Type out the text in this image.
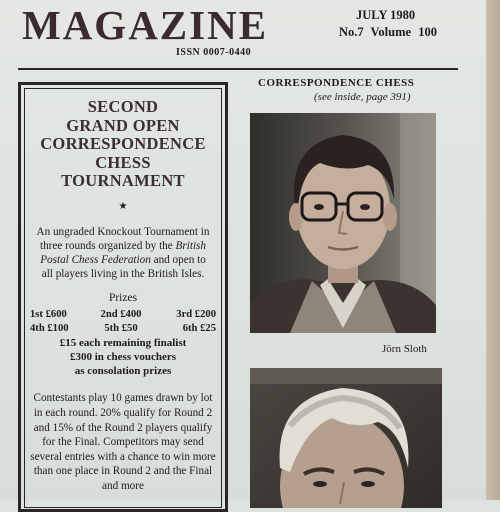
MAGAZINE
ISSN 0007-0440
JULY 1980
No.7 Volume 100
SECOND
GRAND OPEN
CORRESPONDENCE
CHESS
TOURNAMENT
★
An ungraded Knockout Tournament in three rounds organized by the British Postal Chess Federation and open to all players living in the British Isles.
Prizes
1st £600	2nd £400	3rd £200
4th £100	5th £50	6th £25
£15 each remaining finalist
£300 in chess vouchers
as consolation prizes
Contestants play 10 games drawn by lot in each round. 20% qualify for Round 2 and 15% of the Round 2 players qualify for the Final. Competitors may send several entries with a chance to win more than one place in Round 2 and the Final and more
CORRESPONDENCE CHESS
(see inside, page 391)
Jörn Sloth
